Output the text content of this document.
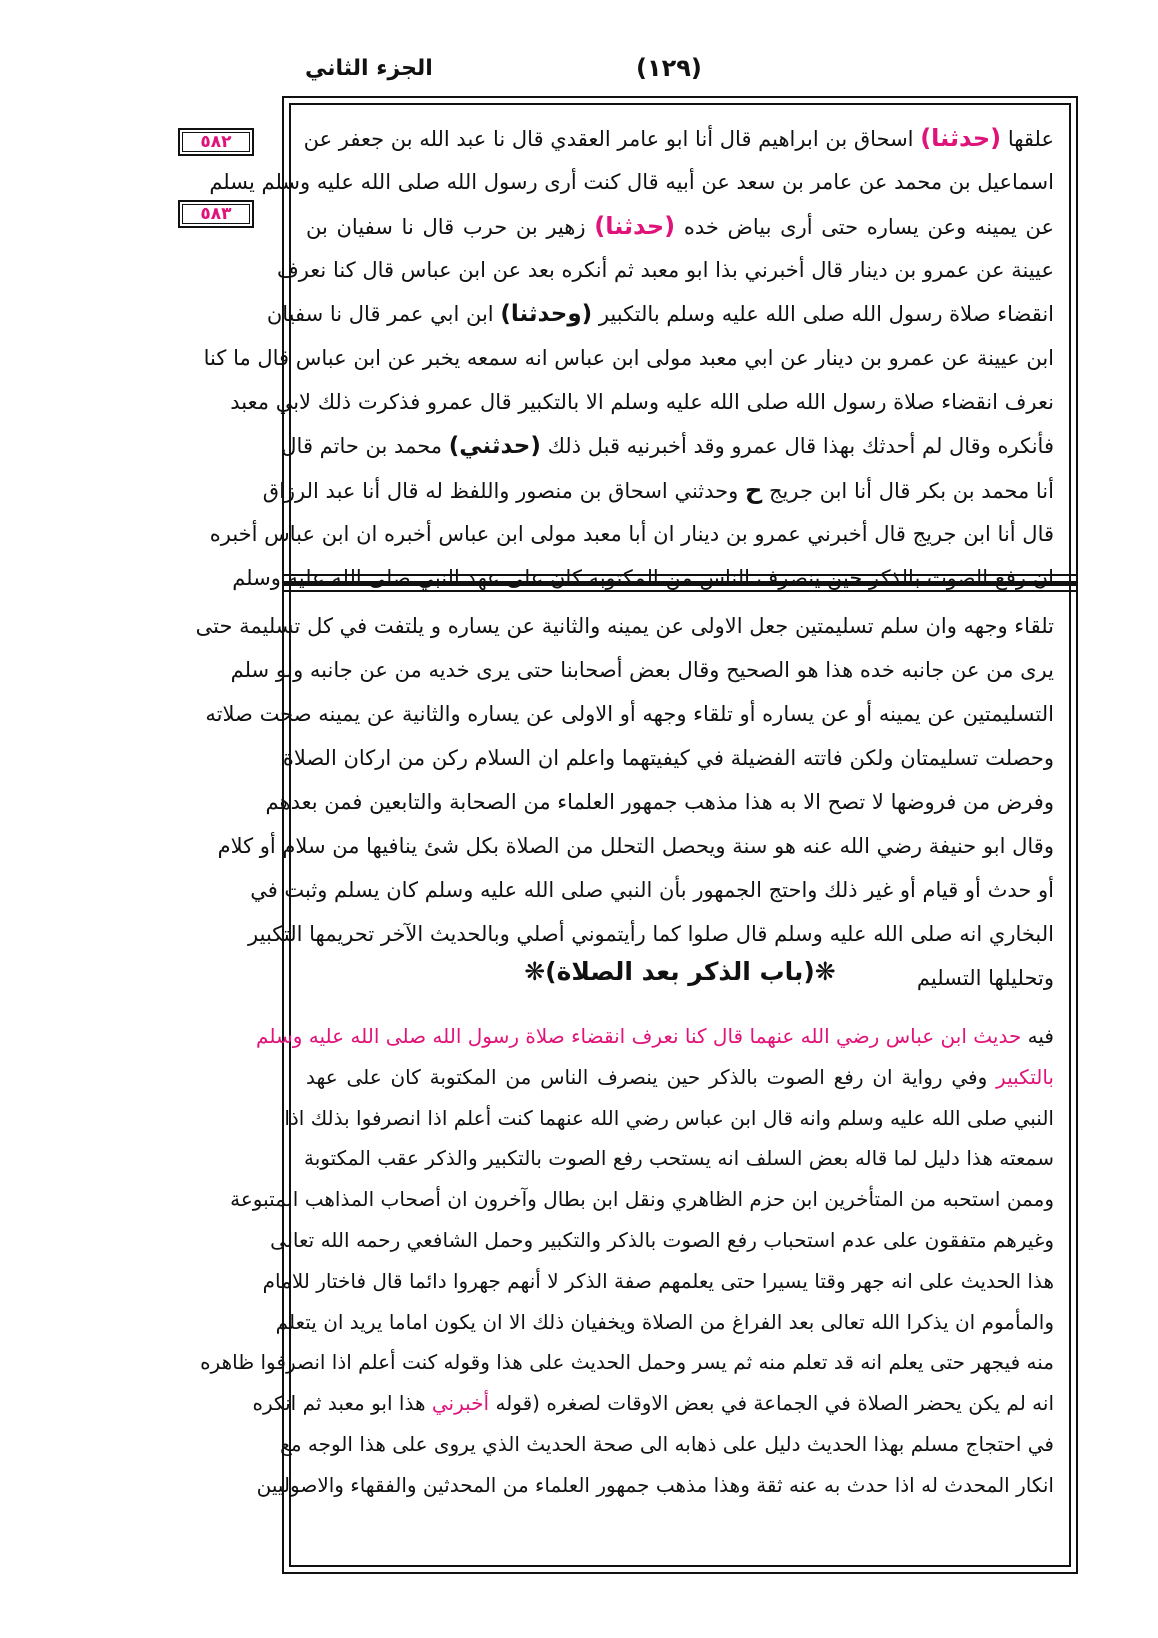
الجزء الثاني	(١٢٩)
٥٨٢
٥٨٣

علقها (حدثنا) اسحاق بن ابراهيم قال أنا ابو عامر العقدي قال نا عبد الله بن جعفر عن

اسماعيل بن محمد عن عامر بن سعد عن أبيه قال كنت أرى رسول الله صلى الله عليه وسلم يسلم

عن يمينه وعن يساره حتى أرى بياض خده (حدثنا) زهير بن حرب قال نا سفيان بن

عيينة عن عمرو بن دينار قال أخبرني بذا ابو معبد ثم أنكره بعد عن ابن عباس قال كنا نعرف

انقضاء صلاة رسول الله صلى الله عليه وسلم بالتكبير (وحدثنا) ابن ابي عمر قال نا سفيان

ابن عيينة عن عمرو بن دينار عن ابي معبد مولى ابن عباس انه سمعه يخبر عن ابن عباس قال ما كنا

نعرف انقضاء صلاة رسول الله صلى الله عليه وسلم الا بالتكبير قال عمرو فذكرت ذلك لابي معبد

فأنكره وقال لم أحدثك بهذا قال عمرو وقد أخبرنيه قبل ذلك (حدثني) محمد بن حاتم قال

أنا محمد بن بكر قال أنا ابن جريج ح وحدثني اسحاق بن منصور واللفظ له قال أنا عبد الرزاق

قال أنا ابن جريج قال أخبرني عمرو بن دينار ان أبا معبد مولى ابن عباس أخبره ان ابن عباس أخبره

ان رفع الصوت بالذكر حين ينصرف الناس من المكتوبة كان على عهد النبي صلى الله عليه وسلم

تلقاء وجهه وان سلم تسليمتين جعل الاولى عن يمينه والثانية عن يساره و يلتفت في كل تسليمة حتى

يرى من عن جانبه خده هذا هو الصحيح وقال بعض أصحابنا حتى يرى خديه من عن جانبه ولو سلم

التسليمتين عن يمينه أو عن يساره أو تلقاء وجهه أو الاولى عن يساره والثانية عن يمينه صحت صلاته

وحصلت تسليمتان ولكن فاتته الفضيلة في كيفيتهما واعلم ان السلام ركن من اركان الصلاة

وفرض من فروضها لا تصح الا به هذا مذهب جمهور العلماء من الصحابة والتابعين فمن بعدهم

وقال ابو حنيفة رضي الله عنه هو سنة ويحصل التحلل من الصلاة بكل شئ ينافيها من سلام أو كلام

أو حدث أو قيام أو غير ذلك واحتج الجمهور بأن النبي صلى الله عليه وسلم كان يسلم وثبت في

البخاري انه صلى الله عليه وسلم قال صلوا كما رأيتموني أصلي وبالحديث الآخر تحريمها التكبير

وتحليلها التسليم

❋(باب الذكر بعد الصلاة)❋

فيه حديث ابن عباس رضي الله عنهما قال كنا نعرف انقضاء صلاة رسول الله صلى الله عليه وسلم

بالتكبير وفي رواية ان رفع الصوت بالذكر حين ينصرف الناس من المكتوبة كان على عهد

النبي صلى الله عليه وسلم وانه قال ابن عباس رضي الله عنهما كنت أعلم اذا انصرفوا بذلك اذا

سمعته هذا دليل لما قاله بعض السلف انه يستحب رفع الصوت بالتكبير والذكر عقب المكتوبة

وممن استحبه من المتأخرين ابن حزم الظاهري ونقل ابن بطال وآخرون ان أصحاب المذاهب المتبوعة

وغيرهم متفقون على عدم استحباب رفع الصوت بالذكر والتكبير وحمل الشافعي رحمه الله تعالى

هذا الحديث على انه جهر وقتا يسيرا حتى يعلمهم صفة الذكر لا أنهم جهروا دائما قال فاختار للامام

والمأموم ان يذكرا الله تعالى بعد الفراغ من الصلاة ويخفيان ذلك الا ان يكون اماما يريد ان يتعلم

منه فيجهر حتى يعلم انه قد تعلم منه ثم يسر وحمل الحديث على هذا وقوله كنت أعلم اذا انصرفوا ظاهره

انه لم يكن يحضر الصلاة في الجماعة في بعض الاوقات لصغره (قوله أخبرني هذا ابو معبد ثم انكره

في احتجاج مسلم بهذا الحديث دليل على ذهابه الى صحة الحديث الذي يروى على هذا الوجه مع

انكار المحدث له اذا حدث به عنه ثقة وهذا مذهب جمهور العلماء من المحدثين والفقهاء والاصوليين
